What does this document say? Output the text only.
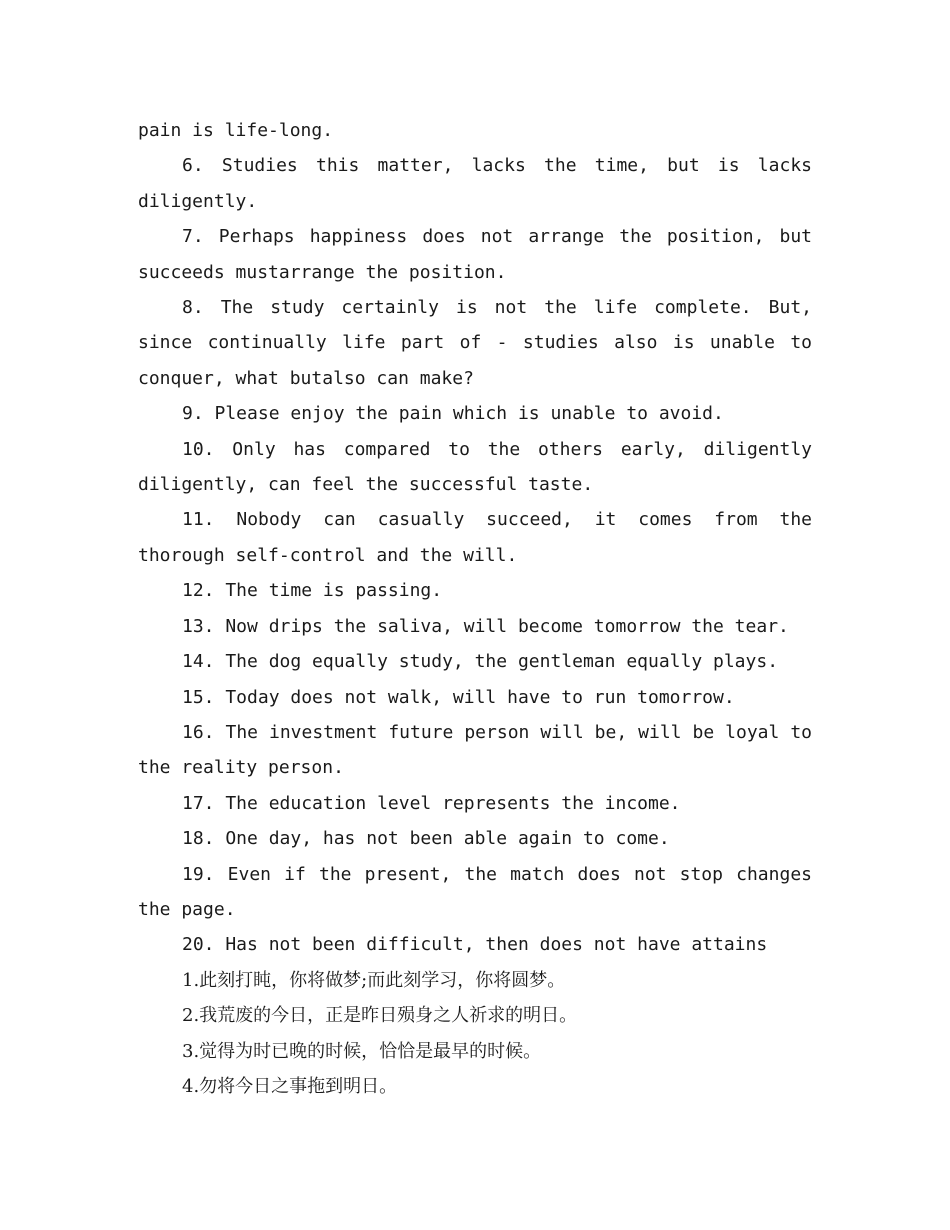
pain is life-long.

6. Studies this matter, lacks the time, but is lacks diligently.

7. Perhaps happiness does not arrange the position, but succeeds mustarrange the position.

8. The study certainly is not the life complete. But, since continually life part of - studies also is unable to conquer, what butalso can make?

9. Please enjoy the pain which is unable to avoid.

10. Only has compared to the others early, diligently diligently, can feel the successful taste.

11. Nobody can casually succeed, it comes from the thorough self-control and the will.

12. The time is passing.

13. Now drips the saliva, will become tomorrow the tear.

14. The dog equally study, the gentleman equally plays.

15. Today does not walk, will have to run tomorrow.

16. The investment future person will be, will be loyal to the reality person.

17. The education level represents the income.

18. One day, has not been able again to come.

19. Even if the present, the match does not stop changes the page.

20. Has not been difficult, then does not have attains

1.此刻打盹，你将做梦;而此刻学习，你将圆梦。

2.我荒废的今日，正是昨日殒身之人祈求的明日。

3.觉得为时已晚的时候，恰恰是最早的时候。

4.勿将今日之事拖到明日。
